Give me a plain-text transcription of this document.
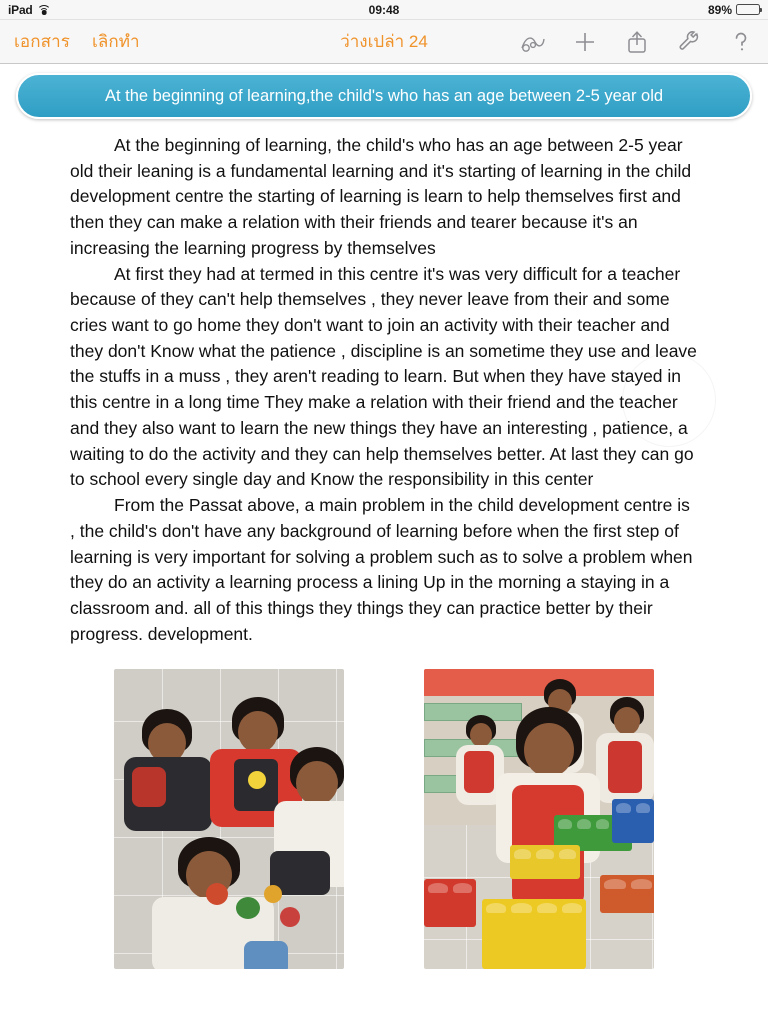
iPad	09:48	89%
เอกสาร เลิกทำ	ว่างเปล่า 24
At the beginning of learning,the child's who has an age between 2-5 year old

At the beginning of learning, the child's who has an age between 2-5 year old their leaning is a fundamental learning and it's starting of learning in the child development centre the starting of learning is learn to help themselves first and then they can make a relation with their friends and tearer because it's an increasing the learning progress by themselves

At first they had at termed in this centre it's was very difficult for a teacher because of they can't help themselves , they never leave from their and some cries want to go home they don't want to join an activity with their teacher and they don't Know what the patience , discipline is an sometime they use and leave the stuffs in a muss , they aren't reading to learn. But when they have stayed in this centre in a long time They make a relation with their friend and the teacher and they also want to learn the new things they have an interesting , patience, a waiting to do the activity and they can help themselves better. At last they can go to school every single day and Know the responsibility in this center

From the Passat above, a main problem in the child development centre is , the child's don't have any background of learning before when the first step of learning is very important for solving a problem such as to solve a problem when they do an activity a learning process a lining Up in the morning a staying in a classroom and. all of this things they things they can practice better by their progress. development.
